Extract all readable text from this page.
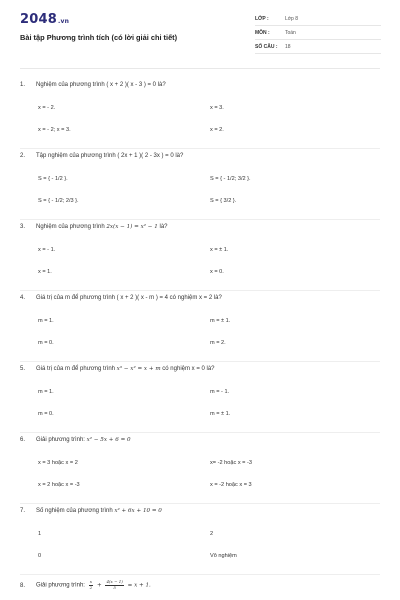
2048.vn
Bài tập Phương trình tích (có lời giải chi tiết)
LỚP :	Lớp 8
MÔN :	Toán
SỐ CÂU : 18
1. Nghiệm của phương trình ( x + 2 )( x - 3 ) = 0 là?
x = - 2.	x = 3.
x = - 2; x = 3.	x = 2.
2. Tập nghiệm của phương trình ( 2x + 1 )( 2 - 3x ) = 0 là?
S = { - 1/2 }.	S = { - 1/2; 3/2 }.
S = { - 1/2; 2/3 }.	S = { 3/2 }.
3. Nghiệm của phương trình 2x(x − 1) = x² − 1 là?
x = - 1.	x = ± 1.
x = 1.	x = 0.
4. Giá trị của m để phương trình ( x + 2 )( x - m ) = 4 có nghiệm x = 2 là?
m = 1.	m = ± 1.
m = 0.	m = 2.
5. Giá trị của m để phương trình x³ − x² = x + m có nghiệm x = 0 là?
m = 1.	m = - 1.
m = 0.	m = ± 1.
6. Giải phương trình: x² − 5x + 6 = 0
x = 3 hoặc x = 2	x= -2 hoặc x = -3
x = 2 hoặc x = -3	x = -2 hoặc x = 3
7. Số nghiệm của phương trình x² + 6x + 10 = 0
1	2
0	Vô nghiệm
8. Giải phương trình: $\frac{x}{2} + \frac{4(x - 1)}{5} = x + 1$.
